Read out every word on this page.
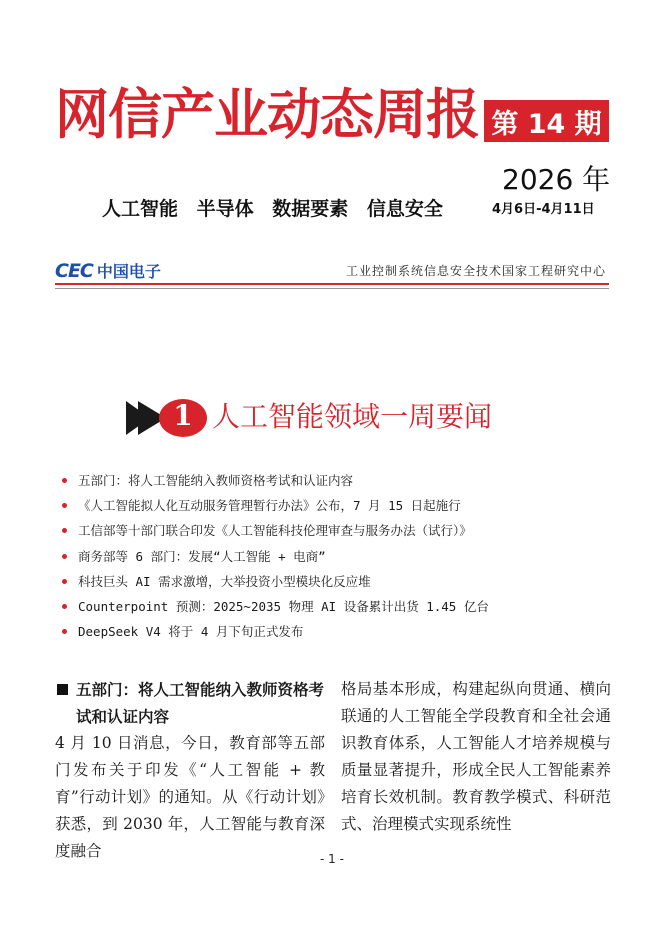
网信产业动态周报 第 14 期
2026 年
4月6日-4月11日
人工智能 半导体 数据要素 信息安全
CEC 中国电子	工业控制系统信息安全技术国家工程研究中心
1 人工智能领域一周要闻
五部门：将人工智能纳入教师资格考试和认证内容
《人工智能拟人化互动服务管理暂行办法》公布，7 月 15 日起施行
工信部等十部门联合印发《人工智能科技伦理审查与服务办法（试行）》
商务部等 6 部门：发展“人工智能 + 电商”
科技巨头 AI 需求激增，大举投资小型模块化反应堆
Counterpoint 预测：2025~2035 物理 AI 设备累计出货 1.45 亿台
DeepSeek V4 将于 4 月下旬正式发布
五部门：将人工智能纳入教师资格考试和认证内容

4 月 10 日消息，今日，教育部等五部门发布关于印发《“人工智能 + 教育”行动计划》的通知。从《行动计划》获悉，到 2030 年，人工智能与教育深度融合

格局基本形成，构建起纵向贯通、横向联通的人工智能全学段教育和全社会通识教育体系，人工智能人才培养规模与质量显著提升，形成全民人工智能素养培育长效机制。教育教学模式、科研范式、治理模式实现系统性

- 1 -
